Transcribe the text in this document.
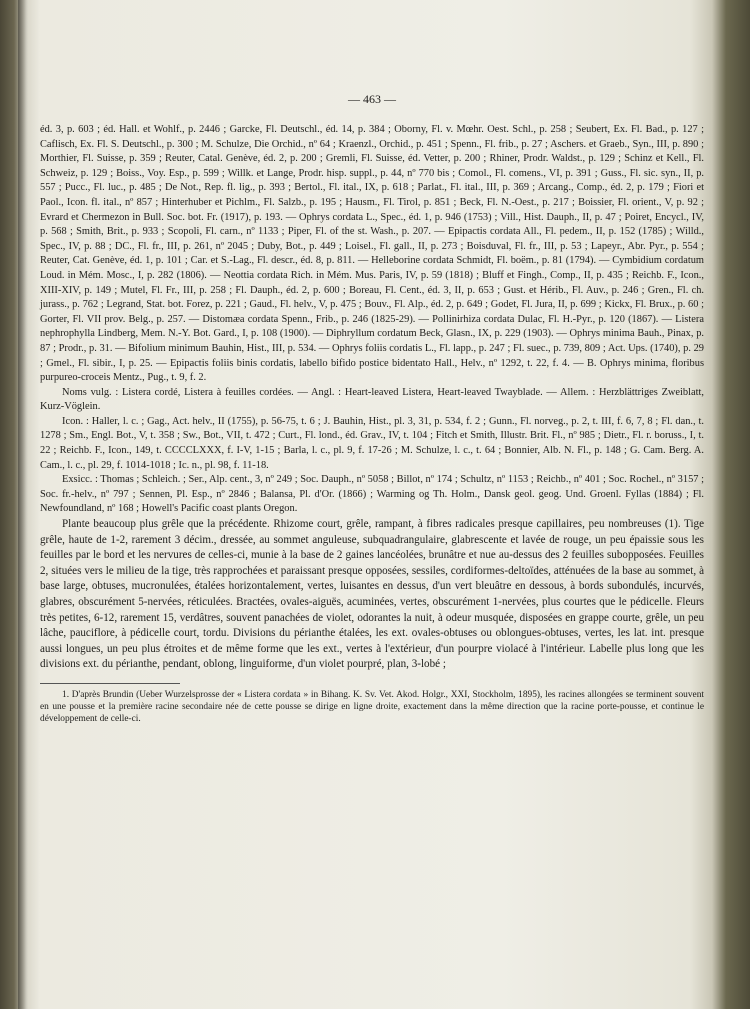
— 463 —

éd. 3, p. 603 ; éd. Hall. et Wohlf., p. 2446 ; Garcke, Fl. Deutschl., éd. 14, p. 384 ; Oborny, Fl. v. Mœhr. Oest. Schl., p. 258 ; Seubert, Ex. Fl. Bad., p. 127 ; Caflisch, Ex. Fl. S. Deutschl., p. 300 ; M. Schulze, Die Orchid., nº 64 ; Kraenzl., Orchid., p. 451 ; Spenn., Fl. frib., p. 27 ; Aschers. et Graeb., Syn., III, p. 890 ; Morthier, Fl. Suisse, p. 359 ; Reuter, Catal. Genève, éd. 2, p. 200 ; Gremli, Fl. Suisse, éd. Vetter, p. 200 ; Rhiner, Prodr. Waldst., p. 129 ; Schinz et Kell., Fl. Schweiz, p. 129 ; Boiss., Voy. Esp., p. 599 ; Willk. et Lange, Prodr. hisp. suppl., p. 44, nº 770 bis ; Comol., Fl. comens., VI, p. 391 ; Guss., Fl. sic. syn., II, p. 557 ; Pucc., Fl. luc., p. 485 ; De Not., Rep. fl. lig., p. 393 ; Bertol., Fl. ital., IX, p. 618 ; Parlat., Fl. ital., III, p. 369 ; Arcang., Comp., éd. 2, p. 179 ; Fiori et Paol., Icon. fl. ital., nº 857 ; Hinterhuber et Pichlm., Fl. Salzb., p. 195 ; Hausm., Fl. Tirol, p. 851 ; Beck, Fl. N.-Oest., p. 217 ; Boissier, Fl. orient., V, p. 92 ; Evrard et Chermezon in Bull. Soc. bot. Fr. (1917), p. 193. — Ophrys cordata L., Spec., éd. 1, p. 946 (1753) ; Vill., Hist. Dauph., II, p. 47 ; Poiret, Encycl., IV, p. 568 ; Smith, Brit., p. 933 ; Scopoli, Fl. carn., nº 1133 ; Piper, Fl. of the st. Wash., p. 207. — Epipactis cordata All., Fl. pedem., II, p. 152 (1785) ; Willd., Spec., IV, p. 88 ; DC., Fl. fr., III, p. 261, nº 2045 ; Duby, Bot., p. 449 ; Loisel., Fl. gall., II, p. 273 ; Boisduval, Fl. fr., III, p. 53 ; Lapeyr., Abr. Pyr., p. 554 ; Reuter, Cat. Genève, éd. 1, p. 101 ; Car. et S.-Lag., Fl. descr., éd. 8, p. 811. — Helleborine cordata Schmidt, Fl. boëm., p. 81 (1794). — Cymbidium cordatum Loud. in Mém. Mosc., I, p. 282 (1806). — Neottia cordata Rich. in Mém. Mus. Paris, IV, p. 59 (1818) ; Bluff et Fingh., Comp., II, p. 435 ; Reichb. F., Icon., XIII-XIV, p. 149 ; Mutel, Fl. Fr., III, p. 258 ; Fl. Dauph., éd. 2, p. 600 ; Boreau, Fl. Cent., éd. 3, II, p. 653 ; Gust. et Hérib., Fl. Auv., p. 246 ; Gren., Fl. ch. jurass., p. 762 ; Legrand, Stat. bot. Forez, p. 221 ; Gaud., Fl. helv., V, p. 475 ; Bouv., Fl. Alp., éd. 2, p. 649 ; Godet, Fl. Jura, II, p. 699 ; Kickx, Fl. Brux., p. 60 ; Gorter, Fl. VII prov. Belg., p. 257. — Distomæa cordata Spenn., Frib., p. 246 (1825-29). — Pollinirhiza cordata Dulac, Fl. H.-Pyr., p. 120 (1867). — Listera nephrophylla Lindberg, Mem. N.-Y. Bot. Gard., I, p. 108 (1900). — Diphryllum cordatum Beck, Glasn., IX, p. 229 (1903). — Ophrys minima Bauh., Pinax, p. 87 ; Prodr., p. 31. — Bifolium minimum Bauhin, Hist., III, p. 534. — Ophrys foliis cordatis L., Fl. lapp., p. 247 ; Fl. suec., p. 739, 809 ; Act. Ups. (1740), p. 29 ; Gmel., Fl. sibir., I, p. 25. — Epipactis foliis binis cordatis, labello bifido postice bidentato Hall., Helv., nº 1292, t. 22, f. 4. — B. Ophrys minima, floribus purpureo-croceis Mentz., Pug., t. 9, f. 2.

Noms vulg. : Listera cordé, Listera à feuilles cordées. — Angl. : Heart-leaved Listera, Heart-leaved Twayblade. — Allem. : Herzblättriges Zweiblatt, Kurz-Vöglein.

Icon. : Haller, l. c. ; Gag., Act. helv., II (1755), p. 56-75, t. 6 ; J. Bauhin, Hist., pl. 3, 31, p. 534, f. 2 ; Gunn., Fl. norveg., p. 2, t. III, f. 6, 7, 8 ; Fl. dan., t. 1278 ; Sm., Engl. Bot., V, t. 358 ; Sw., Bot., VII, t. 472 ; Curt., Fl. lond., éd. Grav., IV, t. 104 ; Fitch et Smith, Illustr. Brit. Fl., nº 985 ; Dietr., Fl. r. boruss., I, t. 22 ; Reichb. F., Icon., 149, t. CCCCLXXX, f. I-V, 1-15 ; Barla, l. c., pl. 9, f. 17-26 ; M. Schulze, l. c., t. 64 ; Bonnier, Alb. N. Fl., p. 148 ; G. Cam. Berg. A. Cam., l. c., pl. 29, f. 1014-1018 ; Ic. n., pl. 98, f. 11-18.

Exsicc. : Thomas ; Schleich. ; Ser., Alp. cent., 3, nº 249 ; Soc. Dauph., nº 5058 ; Billot, nº 174 ; Schultz, nº 1153 ; Reichb., nº 401 ; Soc. Rochel., nº 3157 ; Soc. fr.-helv., nº 797 ; Sennen, Pl. Esp., nº 2846 ; Balansa, Pl. d'Or. (1866) ; Warming og Th. Holm., Dansk geol. geog. Und. Groenl. Fyllas (1884) ; Fl. Newfoundland, nº 168 ; Howell's Pacific coast plants Oregon.

Plante beaucoup plus grêle que la précédente. Rhizome court, grêle, rampant, à fibres radicales presque capillaires, peu nombreuses (1). Tige grêle, haute de 1-2, rarement 3 décim., dressée, au sommet anguleuse, subquadrangulaire, glabrescente et lavée de rouge, un peu épaissie sous les feuilles par le bord et les nervures de celles-ci, munie à la base de 2 gaines lancéolées, brunâtre et nue au-dessus des 2 feuilles subopposées. Feuilles 2, situées vers le milieu de la tige, très rapprochées et paraissant presque opposées, sessiles, cordiformes-deltoïdes, atténuées de la base au sommet, à base large, obtuses, mucronulées, étalées horizontalement, vertes, luisantes en dessus, d'un vert bleuâtre en dessous, à bords subondulés, incurvés, glabres, obscurément 5-nervées, réticulées. Bractées, ovales-aiguës, acuminées, vertes, obscurément 1-nervées, plus courtes que le pédicelle. Fleurs très petites, 6-12, rarement 15, verdâtres, souvent panachées de violet, odorantes la nuit, à odeur musquée, disposées en grappe courte, grêle, un peu lâche, pauciflore, à pédicelle court, tordu. Divisions du périanthe étalées, les ext. ovales-obtuses ou oblongues-obtuses, vertes, les lat. int. presque aussi longues, un peu plus étroites et de même forme que les ext., vertes à l'extérieur, d'un pourpre violacé à l'intérieur. Labelle plus long que les divisions ext. du périanthe, pendant, oblong, linguiforme, d'un violet pourpré, plan, 3-lobé ;

1. D'après Brundin (Ueber Wurzelsprosse der « Listera cordata » in Bihang. K. Sv. Vet. Akod. Holgr., XXI, Stockholm, 1895), les racines allongées se terminent souvent en une pousse et la première racine secondaire née de cette pousse se dirige en ligne droite, exactement dans la même direction que la racine porte-pousse, et continue le développement de celle-ci.
